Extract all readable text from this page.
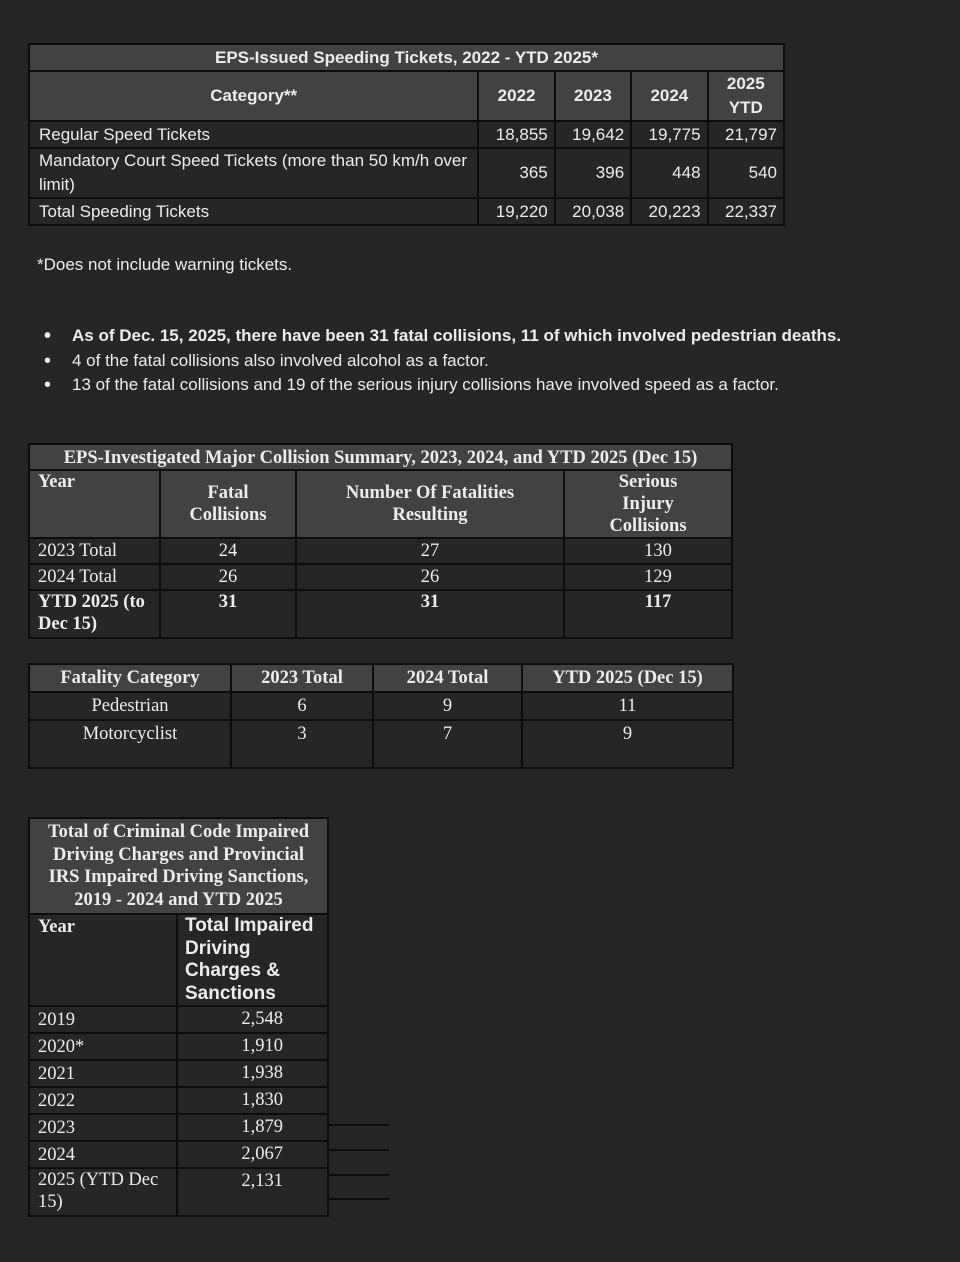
EPS-Issued Speeding Tickets, 2022 - YTD 2025*				
Category**	2022	2023	2024	2025 YTD
Regular Speed Tickets	18,855	19,642	19,775	21,797
Mandatory Court Speed Tickets (more than 50 km/h over limit)	365	396	448	540
Total Speeding Tickets	19,220	20,038	20,223	22,337
*Does not include warning tickets.
• As of Dec. 15, 2025, there have been 31 fatal collisions, 11 of which involved pedestrian deaths.
• 4 of the fatal collisions also involved alcohol as a factor.
• 13 of the fatal collisions and 19 of the serious injury collisions have involved speed as a factor.
EPS-Investigated Major Collision Summary, 2023, 2024, and YTD 2025 (Dec 15)			
Year	Fatal Collisions	Number Of Fatalities Resulting	Serious Injury Collisions
2023 Total	24	27	130
2024 Total	26	26	129
YTD 2025 (to Dec 15)	31	31	117
Fatality Category	2023 Total	2024 Total	YTD 2025 (Dec 15)
Pedestrian	6	9	11
Motorcyclist	3	7	9
Total of Criminal Code Impaired Driving Charges and Provincial IRS Impaired Driving Sanctions, 2019 - 2024 and YTD 2025	
Year	Total Impaired Driving Charges & Sanctions
2019	2,548
2020*	1,910
2021	1,938
2022	1,830
2023	1,879
2024	2,067
2025 (YTD Dec 15)	2,131
